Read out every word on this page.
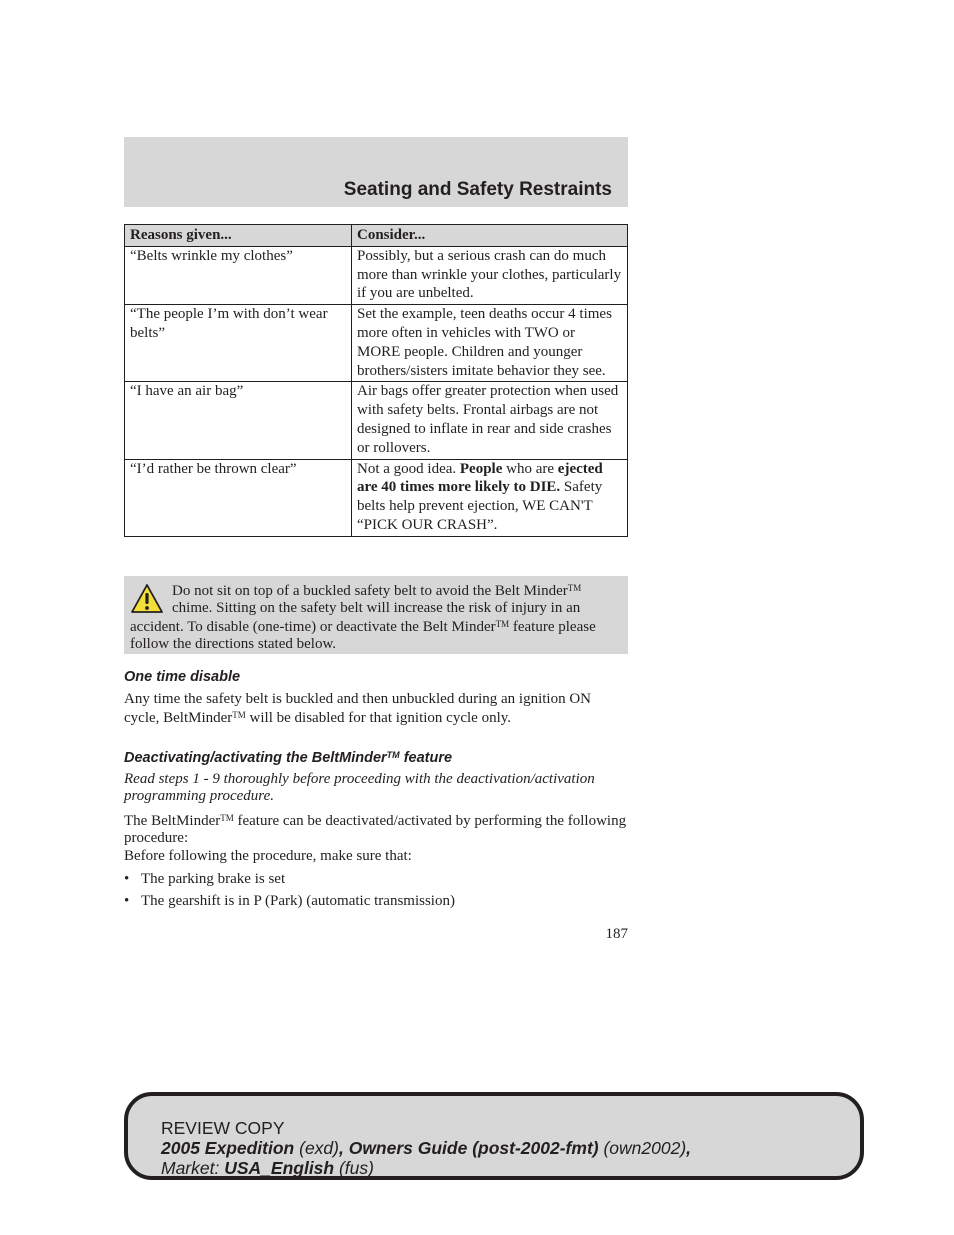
Seating and Safety Restraints
Reasons given...	Consider...
“Belts wrinkle my clothes”	Possibly, but a serious crash can do much more than wrinkle your clothes, particularly if you are unbelted.
“The people I’m with don’t wear belts”	Set the example, teen deaths occur 4 times more often in vehicles with TWO or MORE people. Children and younger brothers/sisters imitate behavior they see.
“I have an air bag”	Air bags offer greater protection when used with safety belts. Frontal airbags are not designed to inflate in rear and side crashes or rollovers.
“I’d rather be thrown clear”	Not a good idea. People who are ejected are 40 times more likely to DIE. Safety belts help prevent ejection, WE CAN'T “PICK OUR CRASH”.
Do not sit on top of a buckled safety belt to avoid the Belt Minder™ chime. Sitting on the safety belt will increase the risk of injury in an accident. To disable (one-time) or deactivate the Belt Minder™ feature please follow the directions stated below.
One time disable
Any time the safety belt is buckled and then unbuckled during an ignition ON cycle, BeltMinder™ will be disabled for that ignition cycle only.
Deactivating/activating the BeltMinder™ feature
Read steps 1 - 9 thoroughly before proceeding with the deactivation/activation programming procedure.
The BeltMinder™ feature can be deactivated/activated by performing the following procedure:
Before following the procedure, make sure that:
• The parking brake is set
• The gearshift is in P (Park) (automatic transmission)
187
REVIEW COPY
2005 Expedition (exd), Owners Guide (post-2002-fmt) (own2002),
Market: USA_English (fus)
